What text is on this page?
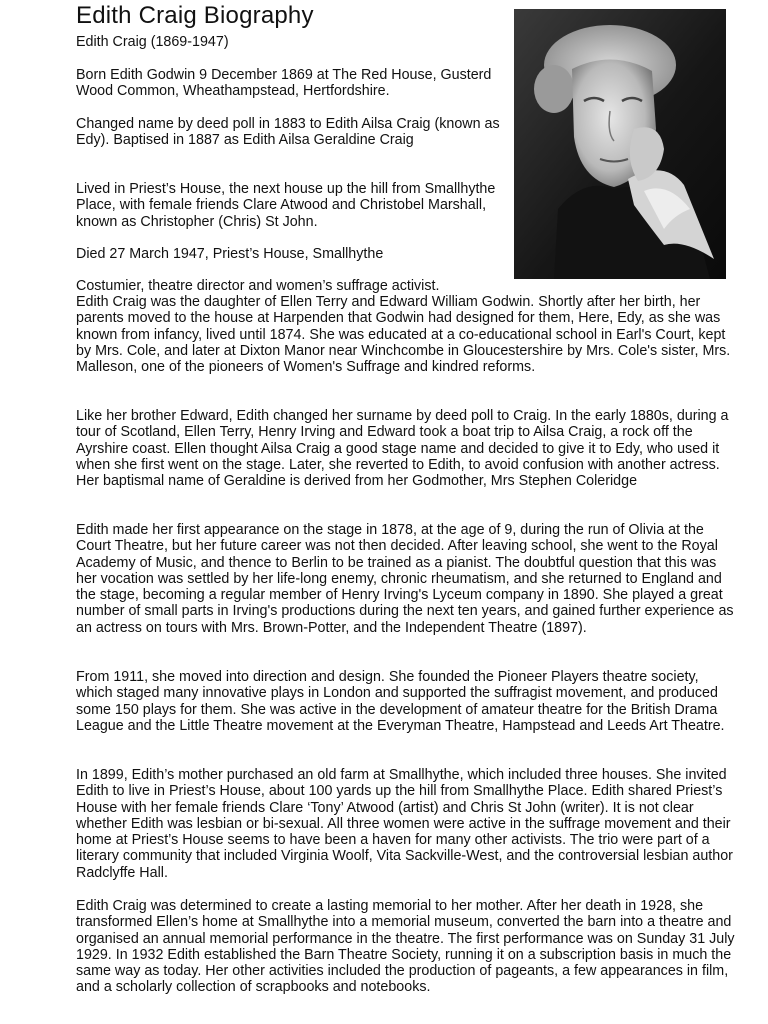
Edith Craig Biography

Edith Craig (1869-1947)

Born Edith Godwin 9 December 1869 at The Red House, Gusterd Wood Common, Wheathampstead, Hertfordshire.

Changed name by deed poll in 1883 to Edith Ailsa Craig (known as Edy). Baptised in 1887 as Edith Ailsa Geraldine Craig

Lived in Priest’s House, the next house up the hill from Smallhythe Place, with female friends Clare Atwood and Christobel Marshall, known as Christopher (Chris) St John.

Died 27 March 1947, Priest’s House, Smallhythe

Costumier, theatre director and women’s suffrage activist.

Edith Craig was the daughter of Ellen Terry and Edward William Godwin. Shortly after her birth, her parents moved to the house at Harpenden that Godwin had designed for them, Here, Edy, as she was known from infancy, lived until 1874. She was educated at a co-educational school in Earl's Court, kept by Mrs. Cole, and later at Dixton Manor near Winchcombe in Gloucestershire by Mrs. Cole's sister, Mrs. Malleson, one of the pioneers of Women's Suffrage and kindred reforms.

Like her brother Edward, Edith changed her surname by deed poll to Craig. In the early 1880s, during a tour of Scotland, Ellen Terry, Henry Irving and Edward took a boat trip to Ailsa Craig, a rock off the Ayrshire coast. Ellen thought Ailsa Craig a good stage name and decided to give it to Edy, who used it when she first went on the stage. Later, she reverted to Edith, to avoid confusion with another actress. Her baptismal name of Geraldine is derived from her Godmother, Mrs Stephen Coleridge

Edith made her first appearance on the stage in 1878, at the age of 9, during the run of Olivia at the Court Theatre, but her future career was not then decided. After leaving school, she went to the Royal Academy of Music, and thence to Berlin to be trained as a pianist. The doubtful question that this was her vocation was settled by her life-long enemy, chronic rheumatism, and she returned to England and the stage, becoming a regular member of Henry Irving's Lyceum company in 1890. She played a great number of small parts in Irving's productions during the next ten years, and gained further experience as an actress on tours with Mrs. Brown-Potter, and the Independent Theatre (1897).

From 1911, she moved into direction and design. She founded the Pioneer Players theatre society, which staged many innovative plays in London and supported the suffragist movement, and produced some 150 plays for them. She was active in the development of amateur theatre for the British Drama League and the Little Theatre movement at the Everyman Theatre, Hampstead and Leeds Art Theatre.

In 1899, Edith’s mother purchased an old farm at Smallhythe, which included three houses. She invited Edith to live in Priest’s House, about 100 yards up the hill from Smallhythe Place. Edith shared Priest’s House with her female friends Clare ‘Tony’ Atwood (artist) and Chris St John (writer). It is not clear whether Edith was lesbian or bi-sexual. All three women were active in the suffrage movement and their home at Priest’s House seems to have been a haven for many other activists. The trio were part of a literary community that included Virginia Woolf, Vita Sackville-West, and the controversial lesbian author Radclyffe Hall.

Edith Craig was determined to create a lasting memorial to her mother. After her death in 1928, she transformed Ellen’s home at Smallhythe into a memorial museum, converted the barn into a theatre and organised an annual memorial performance in the theatre. The first performance was on Sunday 31 July 1929. In 1932 Edith established the Barn Theatre Society, running it on a subscription basis in much the same way as today. Her other activities included the production of pageants, a few appearances in film, and a scholarly collection of scrapbooks and notebooks.
